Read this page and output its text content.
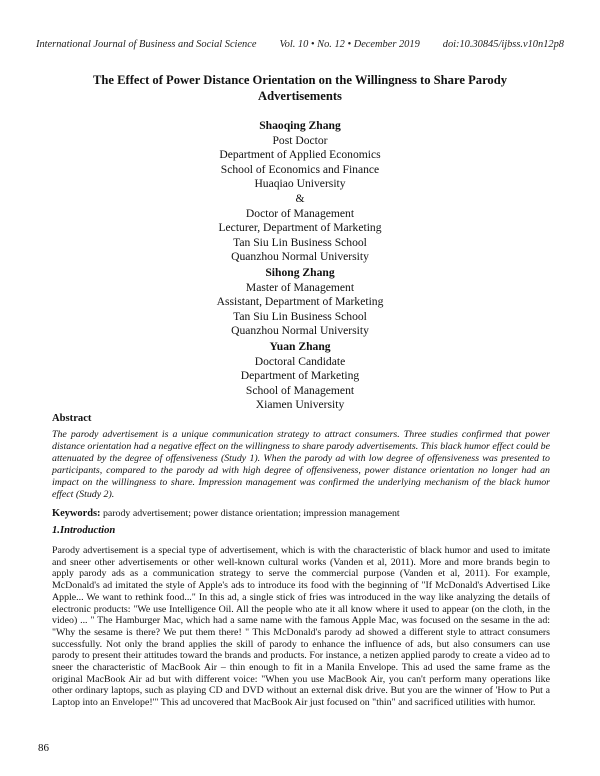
International Journal of Business and Social Science Vol. 10 • No. 12 • December 2019 doi:10.30845/ijbss.v10n12p8
The Effect of Power Distance Orientation on the Willingness to Share Parody Advertisements
Shaoqing Zhang
Post Doctor
Department of Applied Economics
School of Economics and Finance
Huaqiao University
&
Doctor of Management
Lecturer, Department of Marketing
Tan Siu Lin Business School
Quanzhou Normal University
Sihong Zhang
Master of Management
Assistant, Department of Marketing
Tan Siu Lin Business School
Quanzhou Normal University
Yuan Zhang
Doctoral Candidate
Department of Marketing
School of Management
Xiamen University
Abstract
The parody advertisement is a unique communication strategy to attract consumers. Three studies confirmed that power distance orientation had a negative effect on the willingness to share parody advertisements. This black humor effect could be attenuated by the degree of offensiveness (Study 1). When the parody ad with low degree of offensiveness was presented to participants, compared to the parody ad with high degree of offensiveness, power distance orientation no longer had an impact on the willingness to share. Impression management was confirmed the underlying mechanism of the black humor effect (Study 2).
Keywords: parody advertisement; power distance orientation; impression management
1.Introduction
Parody advertisement is a special type of advertisement, which is with the characteristic of black humor and used to imitate and sneer other advertisements or other well-known cultural works (Vanden et al, 2011). More and more brands begin to apply parody ads as a communication strategy to serve the commercial purpose (Vanden et al, 2011). For example, McDonald's ad imitated the style of Apple's ads to introduce its food with the beginning of "If McDonald's Advertised Like Apple... We want to rethink food..." In this ad, a single stick of fries was introduced in the way like analyzing the details of electronic products: "We use Intelligence Oil. All the people who ate it all know where it used to appear (on the cloth, in the video) ... " The Hamburger Mac, which had a same name with the famous Apple Mac, was focused on the sesame in the ad: "Why the sesame is there? We put them there! " This McDonald's parody ad showed a different style to attract consumers successfully. Not only the brand applies the skill of parody to enhance the influence of ads, but also consumers can use parody to present their attitudes toward the brands and products. For instance, a netizen applied parody to create a video ad to sneer the characteristic of MacBook Air – thin enough to fit in a Manila Envelope. This ad used the same frame as the original MacBook Air ad but with different voice: "When you use MacBook Air, you can't perform many operations like other ordinary laptops, such as playing CD and DVD without an external disk drive. But you are the winner of 'How to Put a Laptop into an Envelope!'" This ad uncovered that MacBook Air just focused on "thin" and sacrificed utilities with humor.
86
